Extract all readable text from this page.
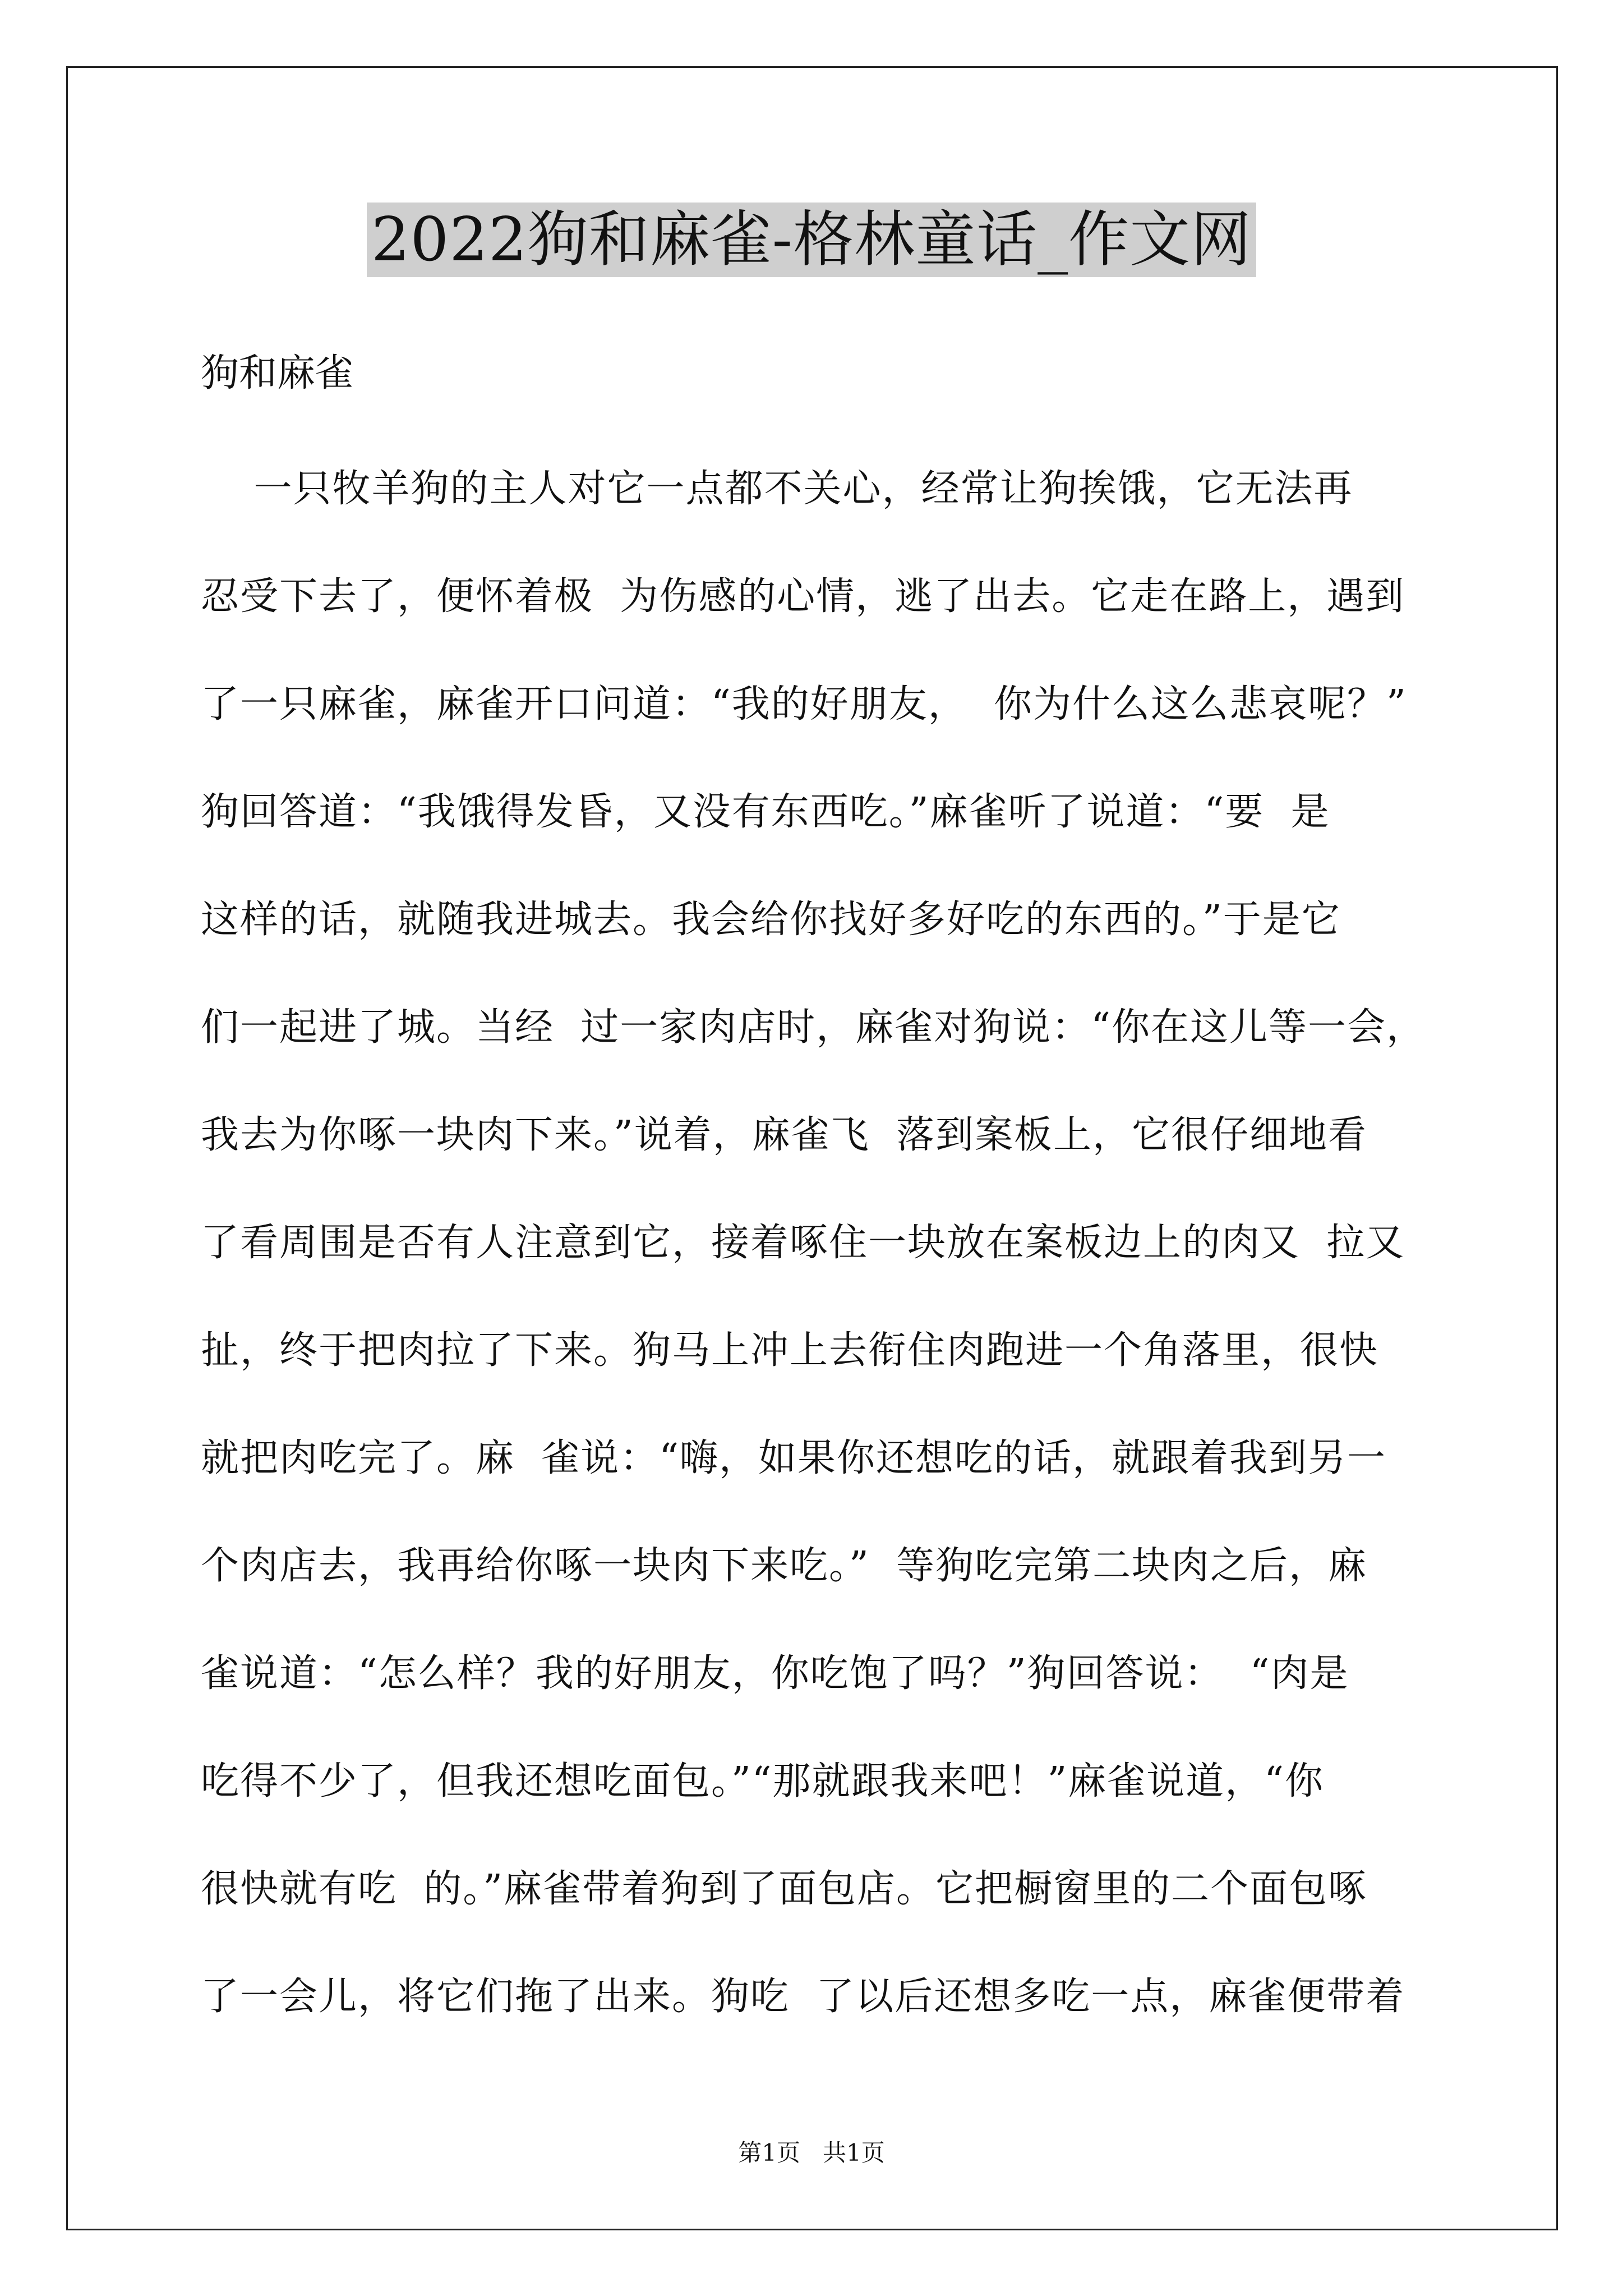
2022狗和麻雀-格林童话_作文网
狗和麻雀
一只牧羊狗的主人对它一点都不关心，经常让狗挨饿，它无法再
忍受下去了，便怀着极  为伤感的心情，逃了出去。它走在路上，遇到
了一只麻雀，麻雀开口问道：“我的好朋友，  你为什么这么悲哀呢？”
狗回答道：“我饿得发昏，又没有东西吃。”麻雀听了说道：“要  是
这样的话，就随我进城去。我会给你找好多好吃的东西的。”于是它
们一起进了城。当经  过一家肉店时，麻雀对狗说：“你在这儿等一会，
我去为你啄一块肉下来。”说着，麻雀飞  落到案板上，它很仔细地看
了看周围是否有人注意到它，接着啄住一块放在案板边上的肉又  拉又
扯，终于把肉拉了下来。狗马上冲上去衔住肉跑进一个角落里，很快
就把肉吃完了。麻  雀说：“嗨，如果你还想吃的话，就跟着我到另一
个肉店去，我再给你啄一块肉下来吃。”  等狗吃完第二块肉之后，麻
雀说道：“怎么样？我的好朋友，你吃饱了吗？”狗回答说：  “肉是
吃得不少了，但我还想吃面包。”“那就跟我来吧！”麻雀说道，“你
很快就有吃  的。”麻雀带着狗到了面包店。它把橱窗里的二个面包啄
了一会儿，将它们拖了出来。狗吃  了以后还想多吃一点，麻雀便带着
第1页   共1页
